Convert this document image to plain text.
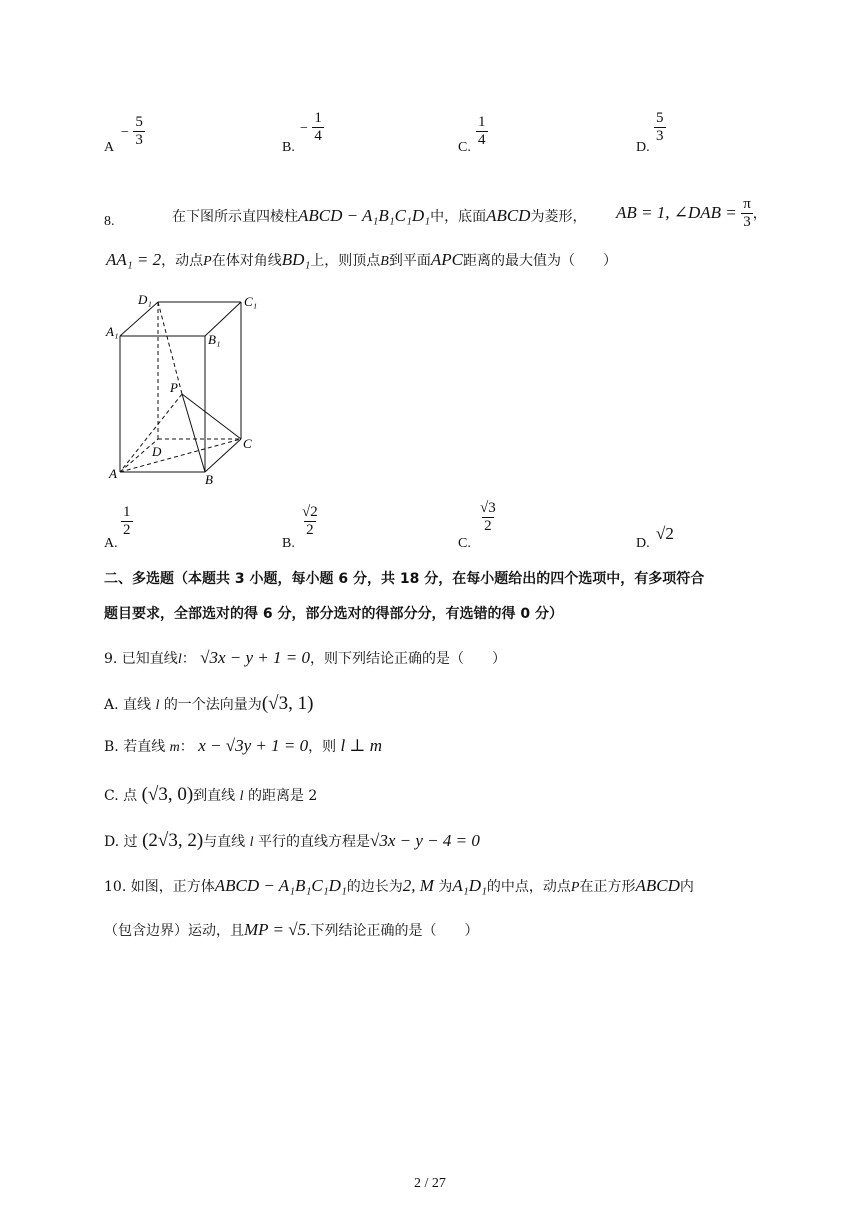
A
− $\frac{5}{3}$	B.
− $\frac{1}{4}$
C. $\frac{1}{4}$	D.
$\frac{5}{3}$
8.	在下图所示直四棱柱ABCD − A₁B₁C₁D₁中，底面ABCD为菱形， AB = 1, ∠DAB = $\frac{\pi}{3}$ ，
AA₁ = 2，动点P在体对角线BD₁上，则顶点B到平面APC距离的最大值为（　　）
D₁	C₁
A₁
B₁
P
D
C
A	B
A.
$\frac{1}{2}$
B.
$\frac{√2}{2}$
C.
$\frac{√3}{2}$
D.
√2
二、多选题（本题共 3 小题，每小题 6 分，共 18 分，在每小题给出的四个选项中，有多项符合
题目要求，全部选对的得 6 分，部分选对的得部分分，有选错的得 0 分）
9. 已知直线l： √3x − y + 1 = 0，则下列结论正确的是（　　）
A. 直线 l 的一个法向量为(√3, 1)
B. 若直线 m： x − √3y + 1 = 0，则 l ⊥ m
C. 点 (√3, 0)到直线 l 的距离是 2
D. 过 (2√3, 2)与直线 l 平行的直线方程是√3x − y − 4 = 0
10. 如图，正方体ABCD − A₁B₁C₁D₁的边长为2, M 为A₁D₁的中点，动点P在正方形ABCD内
（包含边界）运动，且MP = √5.下列结论正确的是（　　）
2 / 27
